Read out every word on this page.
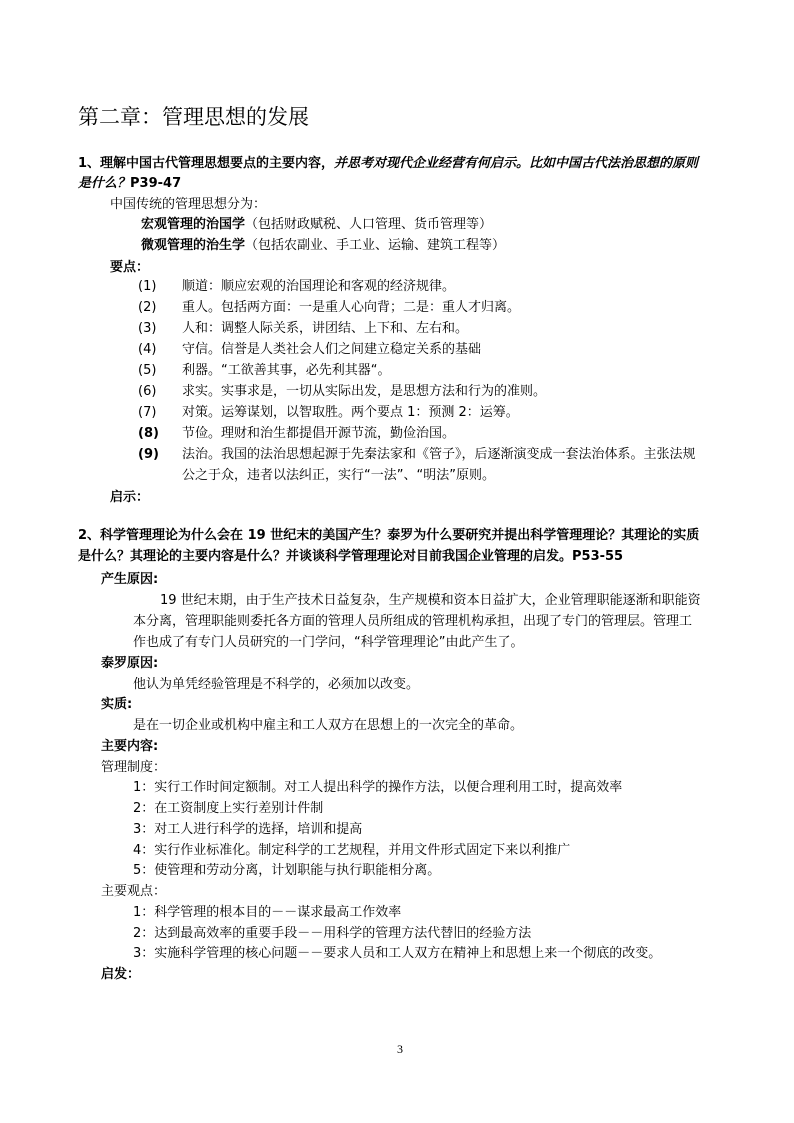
第二章：管理思想的发展
1、理解中国古代管理思想要点的主要内容，并思考对现代企业经营有何启示。比如中国古代法治思想的原则
是什么？P39-47
中国传统的管理思想分为：
宏观管理的治国学（包括财政赋税、人口管理、货币管理等）
微观管理的治生学（包括农副业、手工业、运输、建筑工程等）
要点：
(1) 顺道：顺应宏观的治国理论和客观的经济规律。
(2) 重人。包括两方面：一是重人心向背；二是：重人才归离。
(3) 人和：调整人际关系，讲团结、上下和、左右和。
(4) 守信。信誉是人类社会人们之间建立稳定关系的基础
(5) 利器。“工欲善其事，必先利其器“。
(6) 求实。实事求是，一切从实际出发，是思想方法和行为的准则。
(7) 对策。运筹谋划，以智取胜。两个要点 1：预测 2：运筹。
(8) 节俭。理财和治生都提倡开源节流，勤俭治国。
(9) 法治。我国的法治思想起源于先秦法家和《管子》，后逐渐演变成一套法治体系。主张法规
公之于众，违者以法纠正，实行“一法”、“明法”原则。
启示：
2、科学管理理论为什么会在 19 世纪末的美国产生？泰罗为什么要研究并提出科学管理理论？其理论的实质
是什么？其理论的主要内容是什么？并谈谈科学管理理论对目前我国企业管理的启发。P53-55
产生原因:
19 世纪末期，由于生产技术日益复杂，生产规模和资本日益扩大，企业管理职能逐渐和职能资
本分离，管理职能则委托各方面的管理人员所组成的管理机构承担，出现了专门的管理层。管理工
作也成了有专门人员研究的一门学问，“科学管理理论”由此产生了。
泰罗原因:
他认为单凭经验管理是不科学的，必须加以改变。
实质:
是在一切企业或机构中雇主和工人双方在思想上的一次完全的革命。
主要内容:
管理制度：
1：实行工作时间定额制。对工人提出科学的操作方法，以便合理利用工时，提高效率
2：在工资制度上实行差别计件制
3：对工人进行科学的选择，培训和提高
4：实行作业标准化。制定科学的工艺规程，并用文件形式固定下来以利推广
5：使管理和劳动分离，计划职能与执行职能相分离。
主要观点：
1：科学管理的根本目的－－谋求最高工作效率
2：达到最高效率的重要手段－－用科学的管理方法代替旧的经验方法
3：实施科学管理的核心问题－－要求人员和工人双方在精神上和思想上来一个彻底的改变。
启发：
3
